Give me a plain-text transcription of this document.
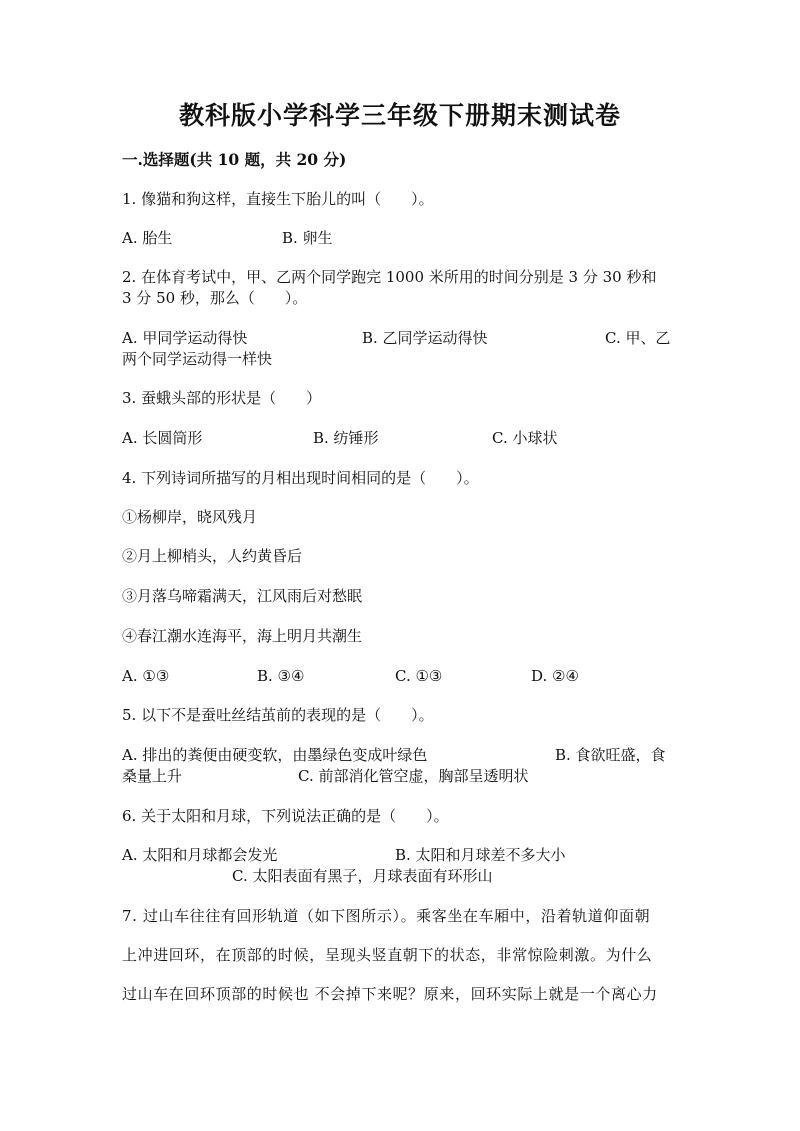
教科版小学科学三年级下册期末测试卷
一.选择题(共 10 题，共 20 分)
1. 像猫和狗这样，直接生下胎儿的叫（　　）。
A. 胎生	B. 卵生
2. 在体育考试中，甲、乙两个同学跑完 1000 米所用的时间分别是 3 分 30 秒和
3 分 50 秒，那么（　　）。
A. 甲同学运动得快	B. 乙同学运动得快	C. 甲、乙
两个同学运动得一样快
3. 蚕蛾头部的形状是（　　）
A. 长圆筒形	B. 纺锤形	C. 小球状
4. 下列诗词所描写的月相出现时间相同的是（　　）。
①杨柳岸，晓风残月
②月上柳梢头，人约黄昏后
③月落乌啼霜满天，江风雨后对愁眠
④春江潮水连海平，海上明月共潮生
A. ①③	B. ③④	C. ①③	D. ②④
5. 以下不是蚕吐丝结茧前的表现的是（　　）。
A. 排出的粪便由硬变软，由墨绿色变成叶绿色	B. 食欲旺盛，食
桑量上升	C. 前部消化管空虚，胸部呈透明状
6. 关于太阳和月球，下列说法正确的是（　　）。
A. 太阳和月球都会发光	B. 太阳和月球差不多大小
C. 太阳表面有黑子，月球表面有环形山
7. 过山车往往有回形轨道（如下图所示）。乘客坐在车厢中，沿着轨道仰面朝
上冲进回环，在顶部的时候，呈现头竖直朝下的状态，非常惊险刺激。为什么
过山车在回环顶部的时候也 不会掉下来呢？原来，回环实际上就是一个离心力
